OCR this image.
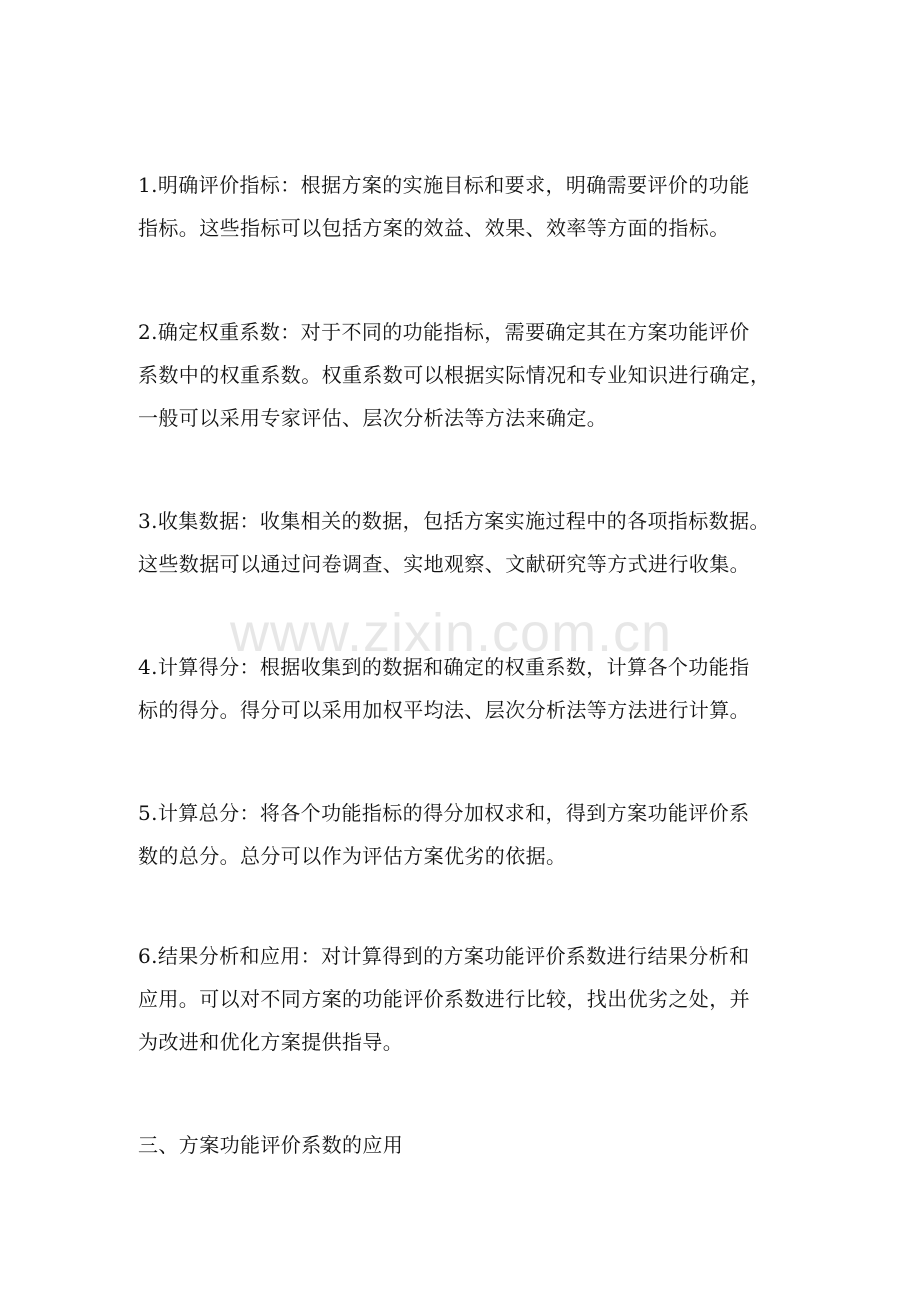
www.zixin.com.cn

1.明确评价指标：根据方案的实施目标和要求，明确需要评价的功能
指标。这些指标可以包括方案的效益、效果、效率等方面的指标。

2.确定权重系数：对于不同的功能指标，需要确定其在方案功能评价
系数中的权重系数。权重系数可以根据实际情况和专业知识进行确定，
一般可以采用专家评估、层次分析法等方法来确定。

3.收集数据：收集相关的数据，包括方案实施过程中的各项指标数据。
这些数据可以通过问卷调查、实地观察、文献研究等方式进行收集。

4.计算得分：根据收集到的数据和确定的权重系数，计算各个功能指
标的得分。得分可以采用加权平均法、层次分析法等方法进行计算。

5.计算总分：将各个功能指标的得分加权求和，得到方案功能评价系
数的总分。总分可以作为评估方案优劣的依据。

6.结果分析和应用：对计算得到的方案功能评价系数进行结果分析和
应用。可以对不同方案的功能评价系数进行比较，找出优劣之处，并
为改进和优化方案提供指导。

三、方案功能评价系数的应用
